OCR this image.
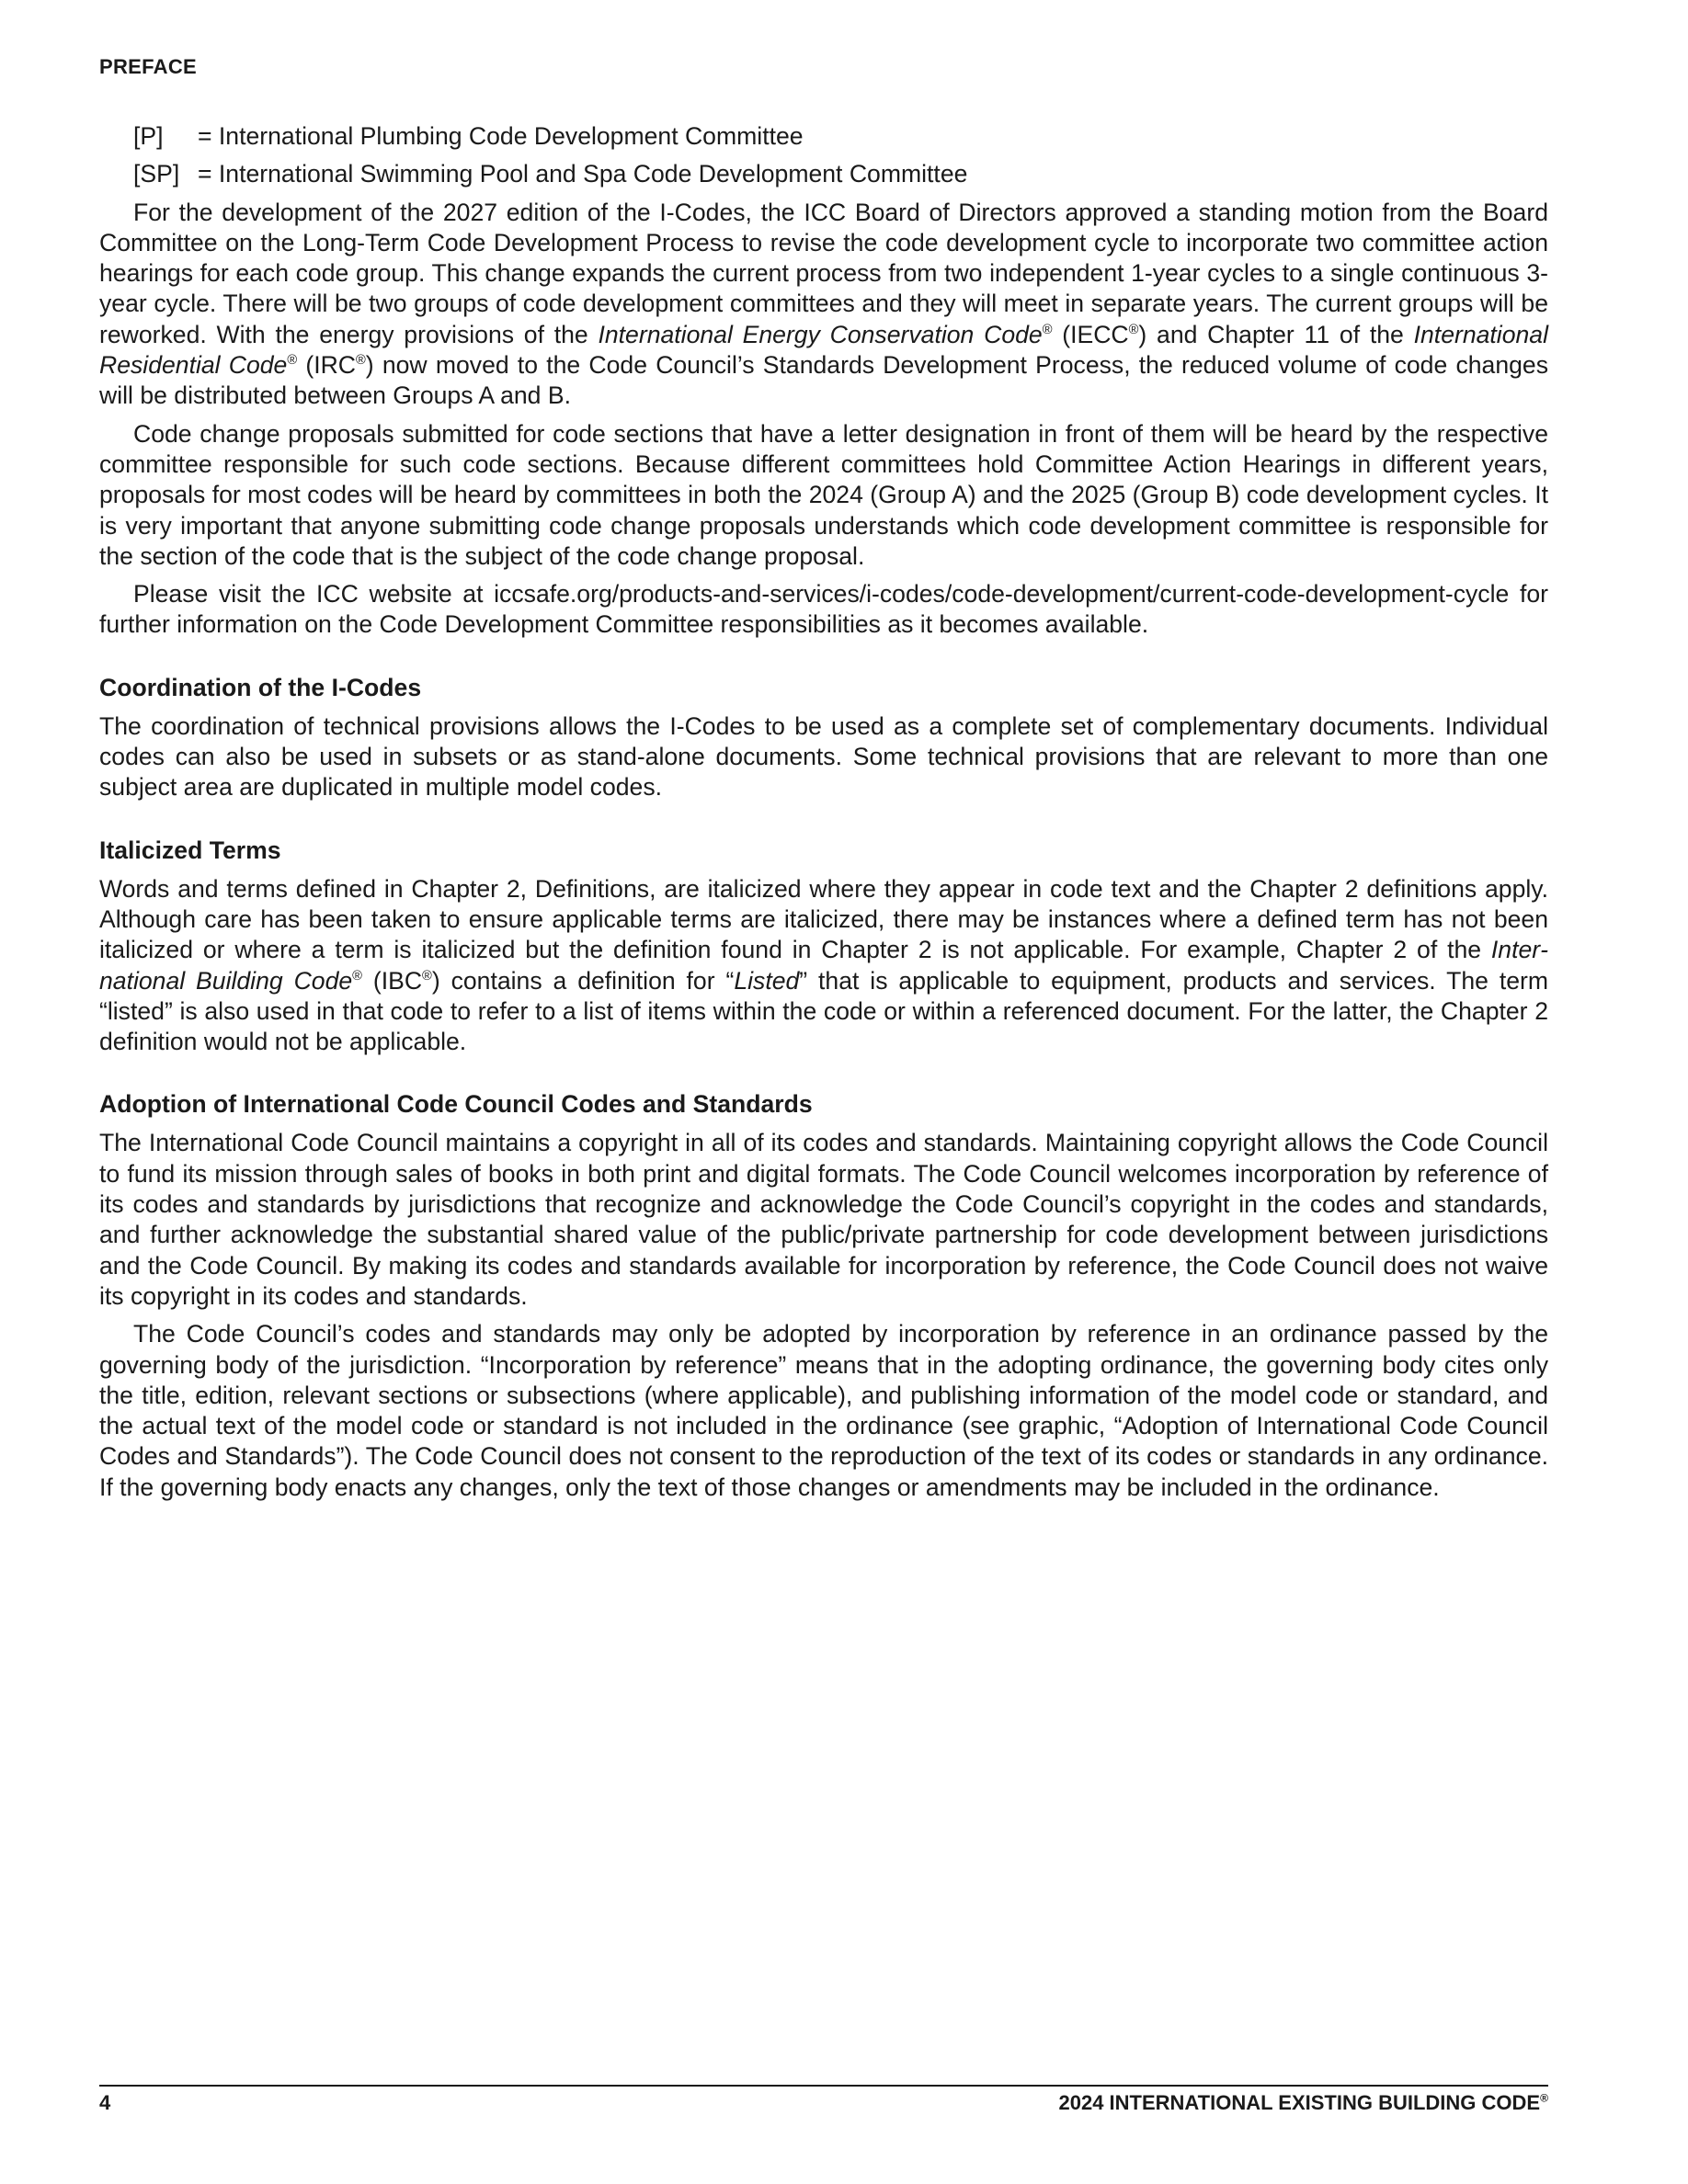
PREFACE
[P]	= International Plumbing Code Development Committee
[SP] = International Swimming Pool and Spa Code Development Committee

For the development of the 2027 edition of the I-Codes, the ICC Board of Directors approved a standing motion from the Board Committee on the Long-Term Code Development Process to revise the code development cycle to incorporate two committee action hearings for each code group. This change expands the current process from two independent 1-year cycles to a single continuous 3-year cycle. There will be two groups of code development committees and they will meet in separate years. The current groups will be reworked. With the energy provisions of the International Energy Conservation Code® (IECC®) and Chapter 11 of the International Residential Code® (IRC®) now moved to the Code Council’s Standards Development Process, the reduced volume of code changes will be distributed between Groups A and B.

Code change proposals submitted for code sections that have a letter designation in front of them will be heard by the respective committee responsible for such code sections. Because different committees hold Committee Action Hearings in different years, proposals for most codes will be heard by committees in both the 2024 (Group A) and the 2025 (Group B) code development cycles. It is very important that anyone submitting code change proposals understands which code development committee is responsible for the section of the code that is the subject of the code change proposal.

Please visit the ICC website at iccsafe.org/products-and-services/i-codes/code-development/current-code-development-cycle for further information on the Code Development Committee responsibilities as it becomes available.

Coordination of the I-Codes

The coordination of technical provisions allows the I-Codes to be used as a complete set of complementary documents. Individual codes can also be used in subsets or as stand-alone documents. Some technical provisions that are relevant to more than one subject area are duplicated in multiple model codes.

Italicized Terms

Words and terms defined in Chapter 2, Definitions, are italicized where they appear in code text and the Chapter 2 definitions apply. Although care has been taken to ensure applicable terms are italicized, there may be instances where a defined term has not been italicized or where a term is italicized but the definition found in Chapter 2 is not applicable. For example, Chapter 2 of the International Building Code® (IBC®) contains a definition for “Listed” that is applicable to equipment, products and services. The term “listed” is also used in that code to refer to a list of items within the code or within a referenced document. For the latter, the Chapter 2 definition would not be applicable.

Adoption of International Code Council Codes and Standards

The International Code Council maintains a copyright in all of its codes and standards. Maintaining copyright allows the Code Council to fund its mission through sales of books in both print and digital formats. The Code Council welcomes incorporation by reference of its codes and standards by jurisdictions that recognize and acknowledge the Code Council’s copyright in the codes and standards, and further acknowledge the substantial shared value of the public/private partnership for code development between jurisdictions and the Code Council. By making its codes and standards available for incorporation by reference, the Code Council does not waive its copyright in its codes and standards.

The Code Council’s codes and standards may only be adopted by incorporation by reference in an ordinance passed by the governing body of the jurisdiction. “Incorporation by reference” means that in the adopting ordinance, the governing body cites only the title, edition, relevant sections or subsections (where applicable), and publishing information of the model code or standard, and the actual text of the model code or standard is not included in the ordinance (see graphic, “Adoption of International Code Council Codes and Standards”). The Code Council does not consent to the reproduction of the text of its codes or standards in any ordinance. If the governing body enacts any changes, only the text of those changes or amendments may be included in the ordinance.

4	2024 INTERNATIONAL EXISTING BUILDING CODE®
